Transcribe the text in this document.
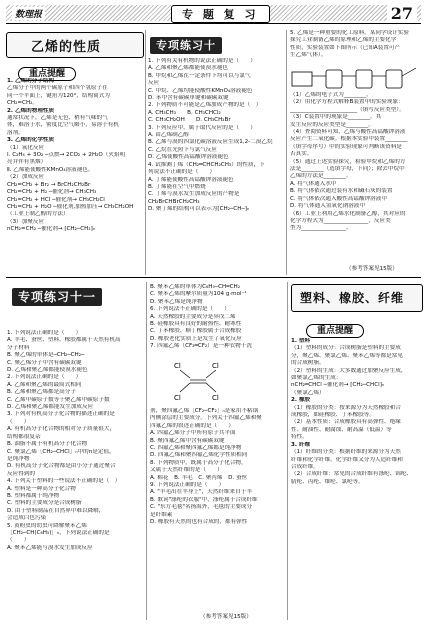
数理报	专 题 复 习	27
乙烯的性质
重点提醒

1. 乙烯的分子结构

乙烯分子中的两个碳原子和四个氢原子在

同一个平面上，键角为120°，结构简式为

CH₂=CH₂。

2. 乙烯的物理性质

通常状况下，乙烯是无色、稍有气味的气

体，难溶于水，密度比空气略小，易溶于有机

溶剂。

3. 乙烯的化学性质

（1）氧化反应

Ⅰ. C₂H₄ + 3O₂ ─点燃→ 2CO₂ + 2H₂O（火焰明

亮并伴有黑烟）

Ⅱ. 乙烯能使酸性KMnO₄溶液褪色。

（2）加成反应

CH₂=CH₂ + Br₂ → BrCH₂CH₂Br

CH₂=CH₂ + H₂ ─催化剂→ CH₃CH₃

CH₂=CH₂ + HCl ─催化剂→ CH₃CH₂Cl

CH₂=CH₂ + H₂O ─催化剂,加热加压→ CH₃CH₂OH

（工业上制乙醇的方法）

（3）加聚反应

nCH₂=CH₂ ─催化剂→ [CH₂─CH₂]ₙ

专项练习十

1. 下列有关有机物的说法正确的是（　　）

A. 乙烯和聚乙烯都能使溴水褪色

B. 甲烷和乙烯在一定条件下均可以与氯气

反应

C. 甲烷、乙烯均能使酸性KMnO₄溶液褪色

D. 苯中含有碳碳单键和碳碳双键

2. 下列物质不可能是乙烯加成产物的是（　）

A. CH₃CH₃　　B. CH₃CHCl₂

C. CH₃CH₂OH　　D. CH₃CH₂Br

3. 下列反应中，属于取代反应的是（　　）

A. 由乙烯制乙醇

B. 乙烯与溴的四氯化碳溶液反应生成1,2-二溴乙烷

C. 乙烷在光照下与氯气反应

D. 乙烯使酸性高锰酸钾溶液褪色

4. 试推测丁烯（CH₂═CHCH₂CH₃）的性质，下

列说法不正确的是（　　）

A. 丁烯能使酸性高锰酸钾溶液褪色

B. 丁烯能在空气中燃烧

C. 丁烯与溴水发生加成反应的产物是

CH₂BrCHBrCH₂CH₃

D. 聚丁烯的结构可以表示为[CH₂─CH─]ₙ

5. 乙烯是一种重要的化工原料。某同学设计实验

探究工业制备乙烯的原理和乙烯的主要化学

性质，实验装置如下图所示（已知A装置可产

生乙烯气体）。

（1）乙烯的电子式为________。

（2）用化学方程式解释B装置中的实验现象：

________________________（填写反应类型）。

（3）C装置中的现象是________，其

发生反应的反应类型是________。

（4）查阅资料可知，乙烯与酸性高锰酸钾溶液

反应产生二氧化碳。根据本实验中装置________

（填字母序号）中的实验现象可判断该资料是

否真实。

（5）通过上述实验探究，检验甲烷和乙烯的方

法是________（选填字母，下同）；除去甲烷中

乙烯的方法是________。

A. 将气体通入水中

B. 将气体依次通过装有水和碱石灰的装置

C. 将气体依次通入酸性高锰酸钾溶液中

D. 将气体通入氢氧化钠溶液中

（6）工业上利用乙烯水化制备乙醇，其对应的

化学方程式为________________，反应类

型为________________。

（参考答案见15版）
专项练习十一

1. 下列说法正确的是（　　）

A. 羊毛、蚕丝、塑料、橡胶都属于天然有机高

分子材料

B. 聚乙烯的单体是─CH₂─CH₂─

C. 聚乙烯分子中含有碳碳双键

D. 乙烯和聚乙烯都能使溴水褪色

2. 下列说法正确的是（　　）

A. 乙烯和聚乙烯的最简式相同

B. 乙烯和聚乙烯都是高分子

C. 乙烯中碳原子数等于聚乙烯中碳原子数

D. 乙烯和聚乙烯都能发生加成反应

3. 下列对有机高分子化合物的描述正确的是

（　　）

A. 有机高分子化合物的相对分子质量很大，

结构都很复杂

B. 油脂不属于有机高分子化合物

C. 聚氯乙烯［CH₂─CHCl］ₙ中的n是定值，

是纯净物

D. 有机高分子化合物都是由小分子通过聚合

反应得到的

4. 下列关于塑料的一些说法不正确的是（　）

A. 塑料是一种高分子化合物

B. 塑料都属于纯净物

C. 塑料的主要成分是合成树脂

D. 由于塑料制品在自然界中难以降解，

会造成白色污染

5. 黄粉虫的幼虫可降解聚苯乙烯

［CH₂─CH(C₆H₅)］ₙ，下列说法正确的是

（　　）

A. 聚苯乙烯能与溴水发生加成反应

B. 聚苯乙烯的单体为C₆H₅─CH═CH₂

C. 聚苯乙烯的摩尔质量为104 g·mol⁻¹

D. 聚苯乙烯是纯净物

6. 下列说法不正确的是（　　）

A. 天然橡胶的主要成分是异戊二烯

B. 硅橡胶具有良好的耐热性、耐寒性

C. 丁苯橡胶、顺丁橡胶属于合成橡胶

D. 橡胶老化实质上是发生了氧化反应

7. 四氟乙烯（CF₂═CF₂）是一种衣物干洗

Cl	Cl
Cl	Cl

剂，聚四氟乙烯［CF₂─CF₂］ₙ是家用不粘锅

内侧涂层的主要成分。下列关于四氟乙烯和聚

四氟乙烯的叙述正确的是（　　）

A. 四氟乙烯分子中所有原子共平面

B. 聚四氟乙烯中含有碳碳双键

C. 四氟乙烯和聚四氟乙烯都是纯净物

D. 四氟乙烯和聚四氟乙烯化学性质相同

8. 下列物质中，既属于高分子化合物，

又属于天然纤维的是（　　）

A. 棉花　B. 羊毛　C. 聚丙烯　D. 蚕丝

9. 下列说法正确的是（　　）

A. "羊毛出在羊身上"，天然纤维来自于羊

B. 歌词"涤纶的衣服"中，涤纶属于合成纤维

C. "东方毛毯"名扬海外，毛毯的主要成分

是纤维素

D. 橡胶有天然的也有合成的，都有弹性

（参考答案见15版）
塑料、橡胶、纤维
重点提醒

1. 塑料

（1）塑料的成分：合成树脂是塑料的主要成

分，聚乙烯、聚氯乙烯、聚苯乙烯等都是常见

的合成树脂。

（2）塑料的生成：大多数通过加聚反应生成，

如聚氯乙烯的生成：

nCH₂═CHCl ─催化剂→ [CH₂─CHCl]ₙ

（聚氯乙烯）

2. 橡胶

（1）橡胶的分类：按来源分为天然橡胶和合

成橡胶，如硅橡胶、丁苯橡胶等。

（2）基本性质：合成橡胶具有高弹性、绝缘

性、耐油性、耐腐蚀、耐高温（低温）等

特性。

3. 纤维

（1）纤维的分类：根据纤维的来源分为天然

纤维和化学纤维，化学纤维又分为人造纤维和

合成纤维。

（2）合成纤维：常见的合成纤维有涤纶、锦纶、

腈纶、丙纶、维纶、氯纶等。
